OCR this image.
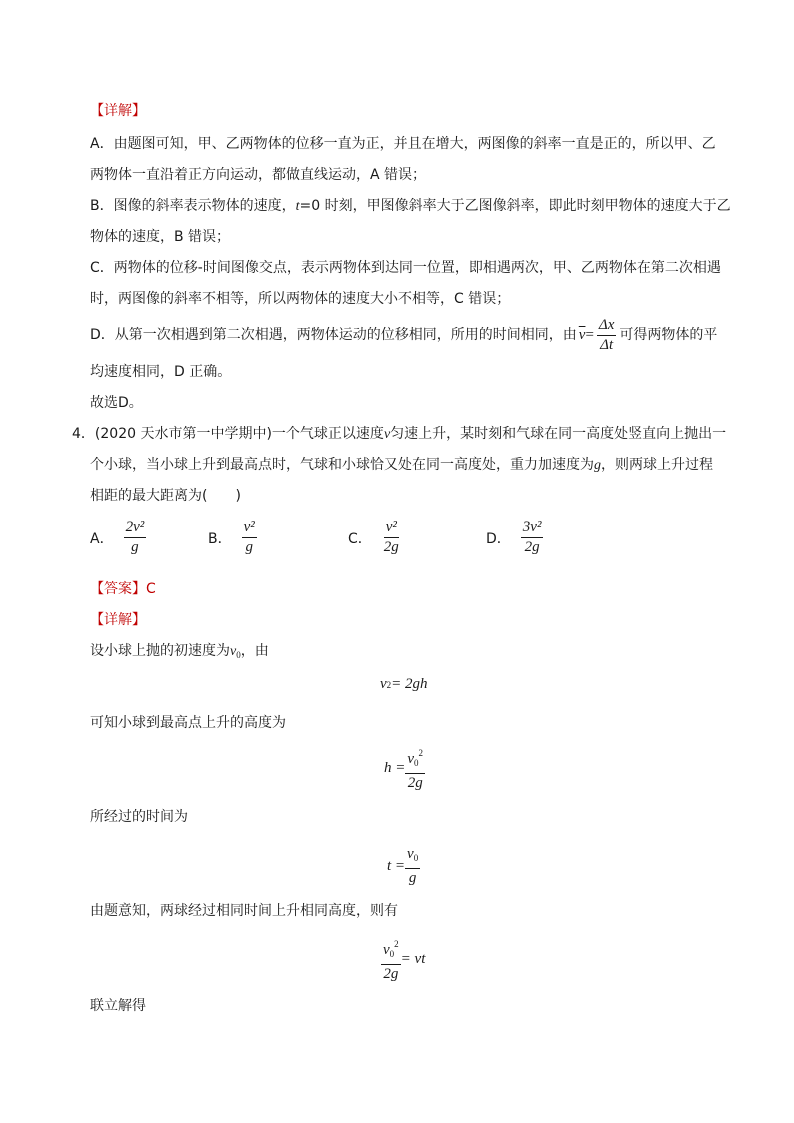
【详解】
A．由题图可知，甲、乙两物体的位移一直为正，并且在增大，两图像的斜率一直是正的，所以甲、乙
两物体一直沿着正方向运动，都做直线运动，A 错误；
B．图像的斜率表示物体的速度，t=0 时刻，甲图像斜率大于乙图像斜率，即此时刻甲物体的速度大于乙
物体的速度，B 错误；
C．两物体的位移-时间图像交点，表示两物体到达同一位置，即相遇两次，甲、乙两物体在第二次相遇
时，两图像的斜率不相等，所以两物体的速度大小不相等，C 错误；
D．从第一次相遇到第二次相遇，两物体运动的位移相同，所用的时间相同，由 $\overline{v} = \frac{\Delta x}{\Delta t}$ 可得两物体的平
均速度相同，D 正确。
故选D。
4．(2020 天水市第一中学期中)一个气球正以速度v匀速上升，某时刻和气球在同一高度处竖直向上抛出一
个小球，当小球上升到最高点时，气球和小球恰又处在同一高度处，重力加速度为g，则两球上升过程
相距的最大距离为(　　)
A． $\frac{\text{2v²}}{g}$	B． $\frac{\text{v²}}{g}$	C． $\frac{\text{v²}}{2g}$	D． $\frac{\text{3v²}}{2g}$
【答案】C
【详解】
设小球上抛的初速度为$v_0$，由
v 2 = 2gh
可知小球到最高点上升的高度为
$h = \frac{v_0^2}{2g}$
所经过的时间为
$t = \frac{v_0}{g}$
由题意知，两球经过相同时间上升相同高度，则有
$\frac{v_0^2}{2g}$ = vt
联立解得
